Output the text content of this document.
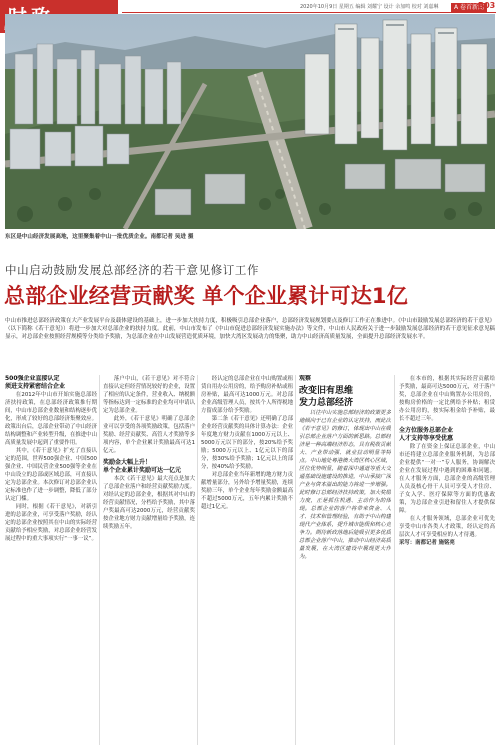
2020年10月9日 星期五 编辑 刘耀宁 设计 余加鸣 校对 刘嘉琳	A 卷首新闻
B03
东区是中山经济发展高地，这里聚集着中山一批优质企业。南都记者 吴进 摄
中山启动鼓励发展总部经济的若干意见修订工作
总部企业经营贡献奖 单个企业累计可达1亿
中山市推进总部经济政策在大产业发展平台及载体建设的基础上，进一步加大扶持力度，积极吸引总部企业落户，总部经济发展规划要点及修订工作正在推进中。《中山市鼓励发展总部经济的若干意见》（以下简称《若干意见》）将进一步加大对总部企业的扶持力度。此前，中山市发布了《中山市促进总部经济发展实施办法》等文件，中山市人民政府关于进一步鼓励发展总部经济的若干意见征求意见稿显示，对总部企业按照经营规模等分类给予奖励，为总部企业在中山发展营造优质环境，加快大湾区发展动力的集聚，助力中山经济高质量发展，全面提升总部经济发展水平。
500强企业直接认定
须进支持紧密结合企业

在2012年中山市开始实施总部经济扶持政策，在总部经济政策推行期间，中山市总部企业数量和结构逐步优化，形成了较好的总部经济集聚效应。政策出台后，总部企业带动了中山经济结构调整和产业转型升级，在推进中山高质量发展中起到了重要作用。

其中，《若干意见》扩充了直接认定的范围，世界500强企业、中国500强企业、中国民营企业500强等企业在中山设立的总部或区域总部，可直接认定为总部企业。本次修订对总部企业认定标准也作了进一步调整，降低了部分认定门槛。

同时，根据《若干意见》，对新引进的总部企业，可享受落户奖励，经认定的总部企业按照其在中山的实际经营贡献给予相应奖励，对总部企业经营发展过程中的重大事项实行“一事一议”。

落户中山，《若干意见》对不符合直接认定但经营情况较好的企业，设置了相应的认定条件，营业收入、纳税额等指标达到一定标准的企业均可申请认定为总部企业。

此外，《若干意见》明确了总部企业可以享受的各项奖励政策，包括落户奖励、经营贡献奖、高管人才奖励等多项内容，单个企业累计奖励最高可达1亿元。

奖励金大幅上升！
单个企业累计奖励可达一亿元

本次《若干意见》最大亮点是加大了总部企业落户和经营贡献奖励力度。对经认定的总部企业，根据其对中山的经营贡献情况，分档给予奖励，其中落户奖最高可达2000万元，经营贡献奖按企业地方财力贡献增量给予奖励，连续奖励五年。

经认定的总部企业在中山购置或租赁自用办公用房的，给予购房补贴或租房补贴，最高可达1000万元。对总部企业高级管理人员，按其个人所得税地方留成部分给予奖励。

第二条《若干意见》还明确了总部企业经营贡献奖的具体计算办法：企业年度地方财力贡献在1000万元以上、5000万元以下的部分，按20%给予奖励；5000万元以上、1亿元以下的部分，按30%给予奖励；1亿元以上的部分，按40%给予奖励。

对总部企业当年新增的地方财力贡献增量部分，另外给予增量奖励，连续奖励三年，单个企业每年奖励金额最高不超过5000万元，五年内累计奖励不超过1亿元。

观察
改变旧有思维
发力总部经济

以往中山实施总部经济的政策更多地倾向于已有企业的认定扶持，而此次《若干意见》的修订，体现出中山在吸引总部企业落户方面的新思路。总部经济是一种高端经济形态，具有税收贡献大、产业带动强、就业拉动明显等特点。中山地处粤港澳大湾区核心区域，区位优势明显，随着深中通道等重大交通基础设施建设的推进，中山承接广深产业与资本溢出的能力将进一步增强。此时修订总部经济扶持政策，加大奖励力度，正是抓住机遇、主动作为的体现。总部企业的落户将带来资金、人才、技术和管理经验，有助于中山构建现代产业体系，提升城市能级和核心竞争力。期待新政落地后能吸引更多优质总部企业落户中山，推动中山经济高质量发展，在大湾区建设中展现更大作为。

在本市的，根据其实际经营贡献给予奖励，最高可达5000万元，对于落户奖，总部企业在中山购置办公用房的，按购房价格的一定比例给予补贴；租赁办公用房的，按实际租金给予补贴，最长不超过三年。

全方位服务总部企业
人才支持等享受优惠

除了在资金上保证总部企业，中山市还将建立总部企业服务机制，为总部企业提供“一对一”专人服务，协调解决企业在发展过程中遇到的困难和问题。在人才服务方面，总部企业的高级管理人员及核心骨干人员可享受人才住房、子女入学、医疗保障等方面的优惠政策，为总部企业引进和留住人才提供保障。

在人才服务领域，总部企业可优先享受中山市各类人才政策，经认定的高层次人才可享受相应的人才待遇。

采写：南都记者 施铭亮
